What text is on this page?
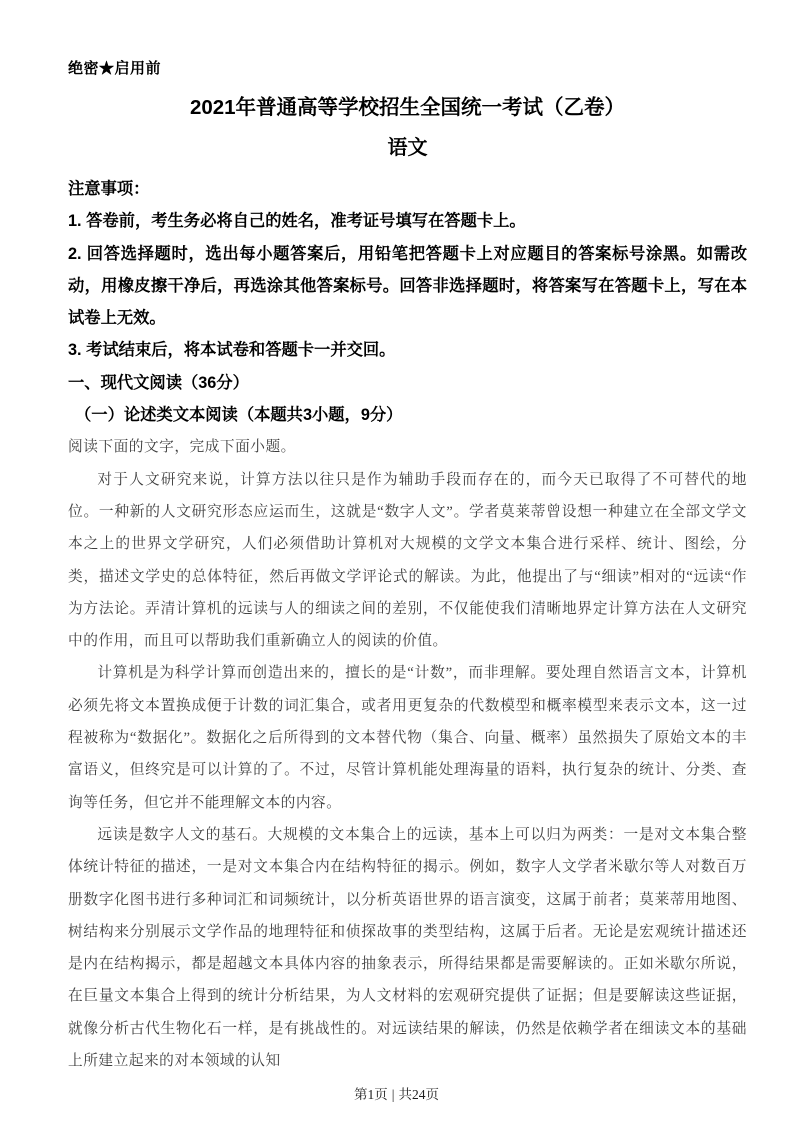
绝密★启用前
2021年普通高等学校招生全国统一考试（乙卷）
语文
注意事项：

1. 答卷前，考生务必将自己的姓名，准考证号填写在答题卡上。

2. 回答选择题时，选出每小题答案后，用铅笔把答题卡上对应题目的答案标号涂黑。如需改动，用橡皮擦干净后，再选涂其他答案标号。回答非选择题时，将答案写在答题卡上，写在本试卷上无效。

3. 考试结束后，将本试卷和答题卡一并交回。

一、现代文阅读（36分）
（一）论述类文本阅读（本题共3小题，9分）

阅读下面的文字，完成下面小题。

对于人文研究来说，计算方法以往只是作为辅助手段而存在的，而今天已取得了不可替代的地位。一种新的人文研究形态应运而生，这就是“数字人文”。学者莫莱蒂曾设想一种建立在全部文学文本之上的世界文学研究，人们必须借助计算机对大规模的文学文本集合进行采样、统计、图绘，分类，描述文学史的总体特征，然后再做文学评论式的解读。为此，他提出了与“细读”相对的“远读“作为方法论。弄清计算机的远读与人的细读之间的差别，不仅能使我们清晰地界定计算方法在人文研究中的作用，而且可以帮助我们重新确立人的阅读的价值。

计算机是为科学计算而创造出来的，擅长的是“计数”，而非理解。要处理自然语言文本，计算机必须先将文本置换成便于计数的词汇集合，或者用更复杂的代数模型和概率模型来表示文本，这一过程被称为“数据化”。数据化之后所得到的文本替代物（集合、向量、概率）虽然损失了原始文本的丰富语义，但终究是可以计算的了。不过，尽管计算机能处理海量的语料，执行复杂的统计、分类、查询等任务，但它并不能理解文本的内容。

远读是数字人文的基石。大规模的文本集合上的远读，基本上可以归为两类：一是对文本集合整体统计特征的描述，一是对文本集合内在结构特征的揭示。例如，数字人文学者米歇尔等人对数百万册数字化图书进行多种词汇和词频统计，以分析英语世界的语言演变，这属于前者；莫莱蒂用地图、树结构来分别展示文学作品的地理特征和侦探故事的类型结构，这属于后者。无论是宏观统计描述还是内在结构揭示，都是超越文本具体内容的抽象表示，所得结果都是需要解读的。正如米歇尔所说，在巨量文本集合上得到的统计分析结果，为人文材料的宏观研究提供了证据；但是要解读这些证据，就像分析古代生物化石一样，是有挑战性的。对远读结果的解读，仍然是依赖学者在细读文本的基础上所建立起来的对本领域的认知

第1页 | 共24页
